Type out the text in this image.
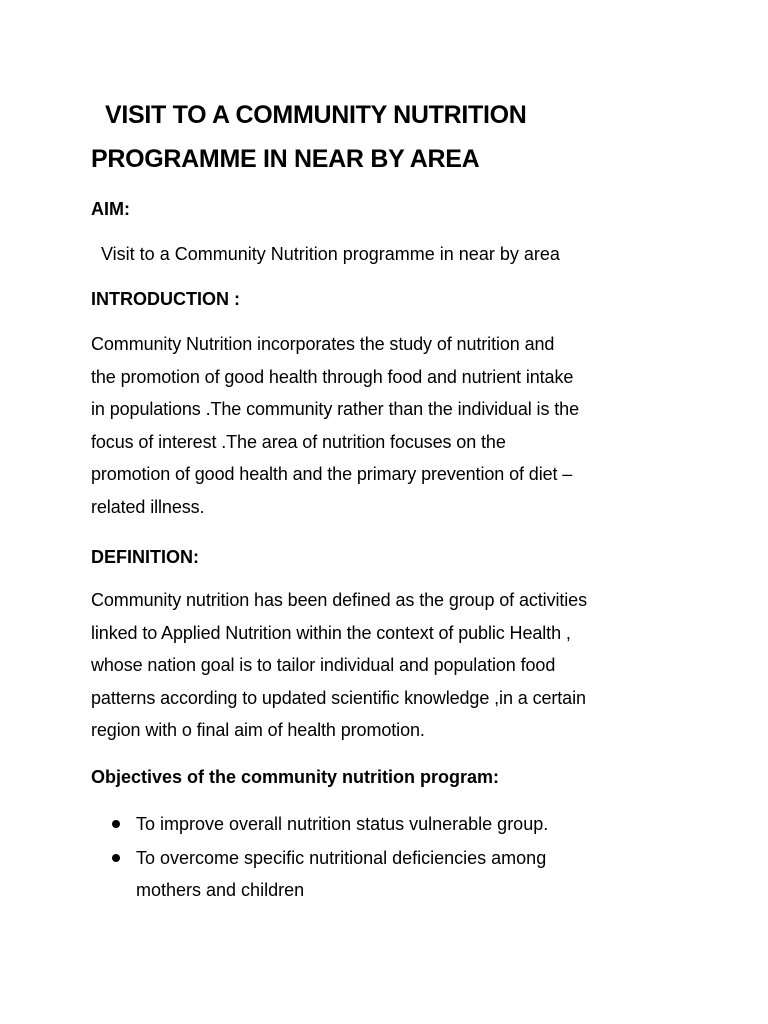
VISIT TO A COMMUNITY NUTRITION
PROGRAMME IN NEAR BY AREA
AIM:

Visit to a Community Nutrition programme in near by area

INTRODUCTION :
Community Nutrition incorporates the study of nutrition and
the promotion of good health through food and nutrient intake
in populations .The community rather than the individual is the
focus of interest .The area of nutrition focuses on the
promotion of good health and the primary prevention of diet –
related illness.
DEFINITION:
Community nutrition has been defined as the group of activities
linked to Applied Nutrition within the context of public Health ,
whose nation goal is to tailor individual and population food
patterns according to updated scientific knowledge ,in a certain
region with o final aim of health promotion.
Objectives of the community nutrition program:
To improve overall nutrition status vulnerable group.
To overcome specific nutritional deficiencies among
mothers and children
